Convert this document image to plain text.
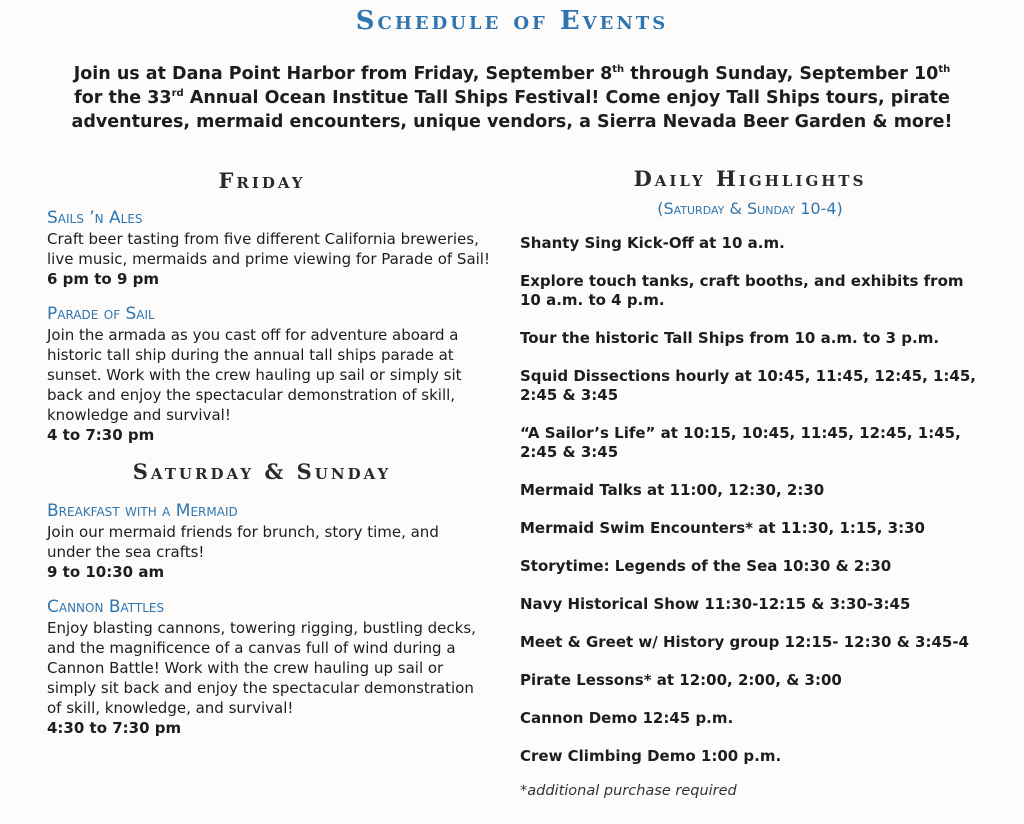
Schedule of Events
Join us at Dana Point Harbor from Friday, September 8th through Sunday, September 10th
for the 33rd Annual Ocean Institue Tall Ships Festival! Come enjoy Tall Ships tours, pirate adventures, mermaid encounters, unique vendors, a Sierra Nevada Beer Garden & more!
Friday
Sails ’n Ales
Craft beer tasting from five different California breweries,
live music, mermaids and prime viewing for Parade of Sail!
6 pm to 9 pm
Parade of Sail
Join the armada as you cast off for adventure aboard a
historic tall ship during the annual tall ships parade at
sunset. Work with the crew hauling up sail or simply sit
back and enjoy the spectacular demonstration of skill,
knowledge and survival!
4 to 7:30 pm
Saturday & Sunday
Breakfast with a Mermaid
Join our mermaid friends for brunch, story time, and
under the sea crafts!
9 to 10:30 am
Cannon Battles
Enjoy blasting cannons, towering rigging, bustling decks,
and the magnificence of a canvas full of wind during a
Cannon Battle! Work with the crew hauling up sail or
simply sit back and enjoy the spectacular demonstration
of skill, knowledge, and survival!
4:30 to 7:30 pm
Daily Highlights
(Saturday & Sunday 10-4)
Shanty Sing Kick-Off at 10 a.m.
Explore touch tanks, craft booths, and exhibits from
10 a.m. to 4 p.m.
Tour the historic Tall Ships from 10 a.m. to 3 p.m.
Squid Dissections hourly at 10:45, 11:45, 12:45, 1:45,
2:45 & 3:45
“A Sailor’s Life” at 10:15, 10:45, 11:45, 12:45, 1:45,
2:45 & 3:45
Mermaid Talks at 11:00, 12:30, 2:30
Mermaid Swim Encounters* at 11:30, 1:15, 3:30
Storytime: Legends of the Sea 10:30 & 2:30
Navy Historical Show 11:30-12:15 & 3:30-3:45
Meet & Greet w/ History group 12:15- 12:30 & 3:45-4
Pirate Lessons* at 12:00, 2:00, & 3:00
Cannon Demo 12:45 p.m.
Crew Climbing Demo 1:00 p.m.
*additional purchase required
